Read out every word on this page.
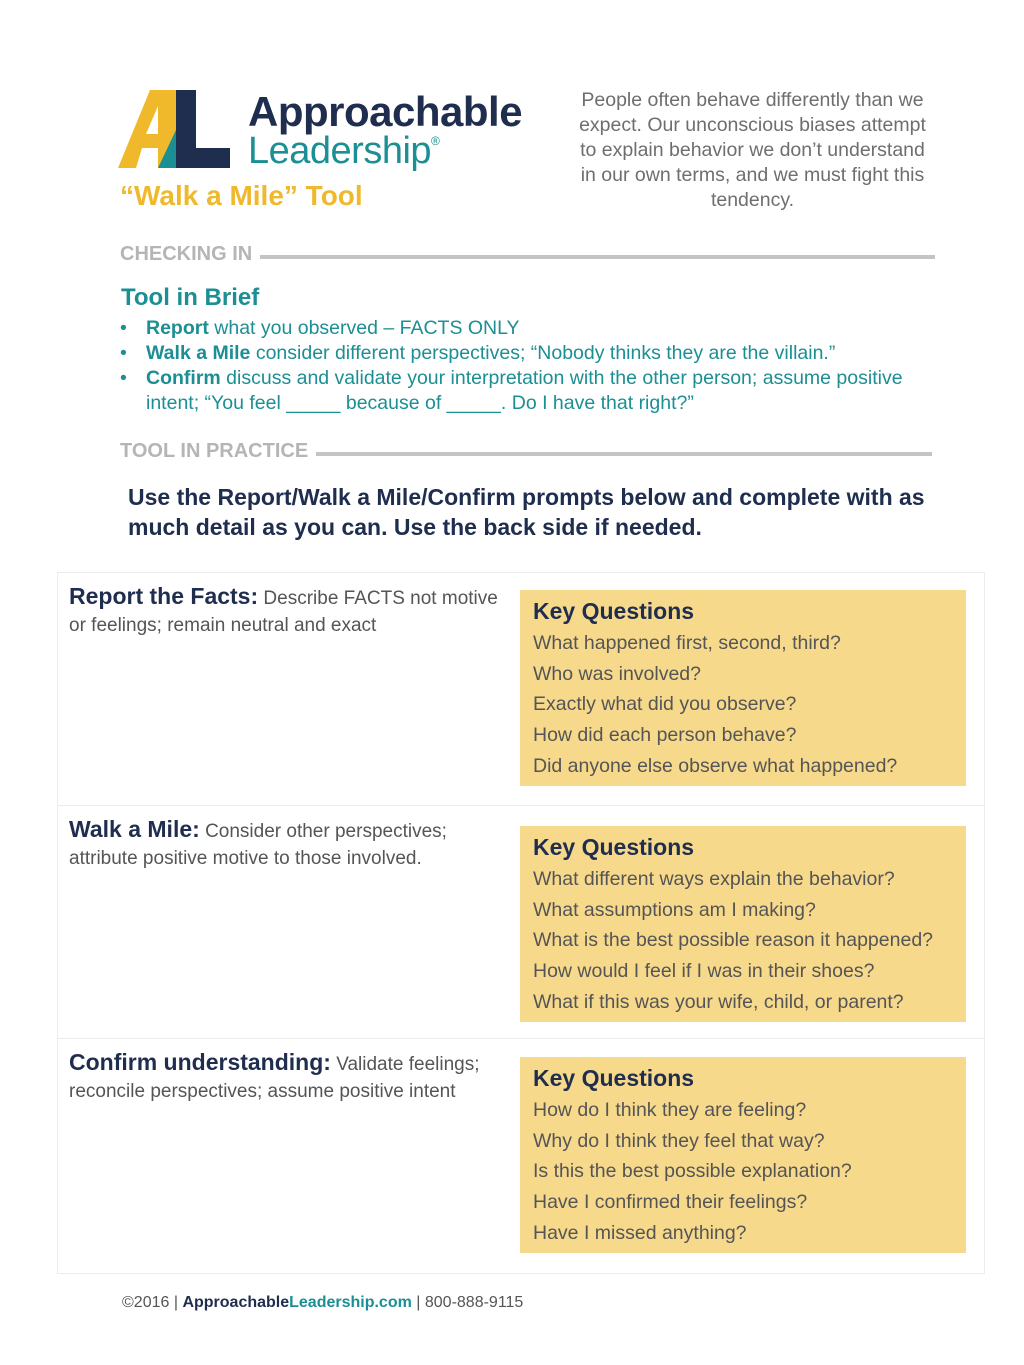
Approachable
Leadership®
“Walk a Mile” Tool
People often behave differently than we expect. Our unconscious biases attempt to explain behavior we don’t understand in our own terms, and we must fight this tendency.
CHECKING IN
Tool in Brief
• Report what you observed – FACTS ONLY
• Walk a Mile consider different perspectives; “Nobody thinks they are the villain.”
• Confirm discuss and validate your interpretation with the other person; assume positive intent; “You feel _____ because of _____. Do I have that right?”
TOOL IN PRACTICE
Use the Report/Walk a Mile/Confirm prompts below and complete with as much detail as you can. Use the back side if needed.
Report the Facts: Describe FACTS not motive or feelings; remain neutral and exact
Key Questions
What happened first, second, third?
Who was involved?
Exactly what did you observe?
How did each person behave?
Did anyone else observe what happened?
Walk a Mile: Consider other perspectives; attribute positive motive to those involved.	Key Questions
What different ways explain the behavior?
What assumptions am I making?
What is the best possible reason it happened?
How would I feel if I was in their shoes?
What if this was your wife, child, or parent?
Confirm understanding: Validate feelings; reconcile perspectives; assume positive intent
Key Questions
How do I think they are feeling?
Why do I think they feel that way?
Is this the best possible explanation?
Have I confirmed their feelings?
Have I missed anything?
©2016 | ApproachableLeadership.com | 800-888-9115
